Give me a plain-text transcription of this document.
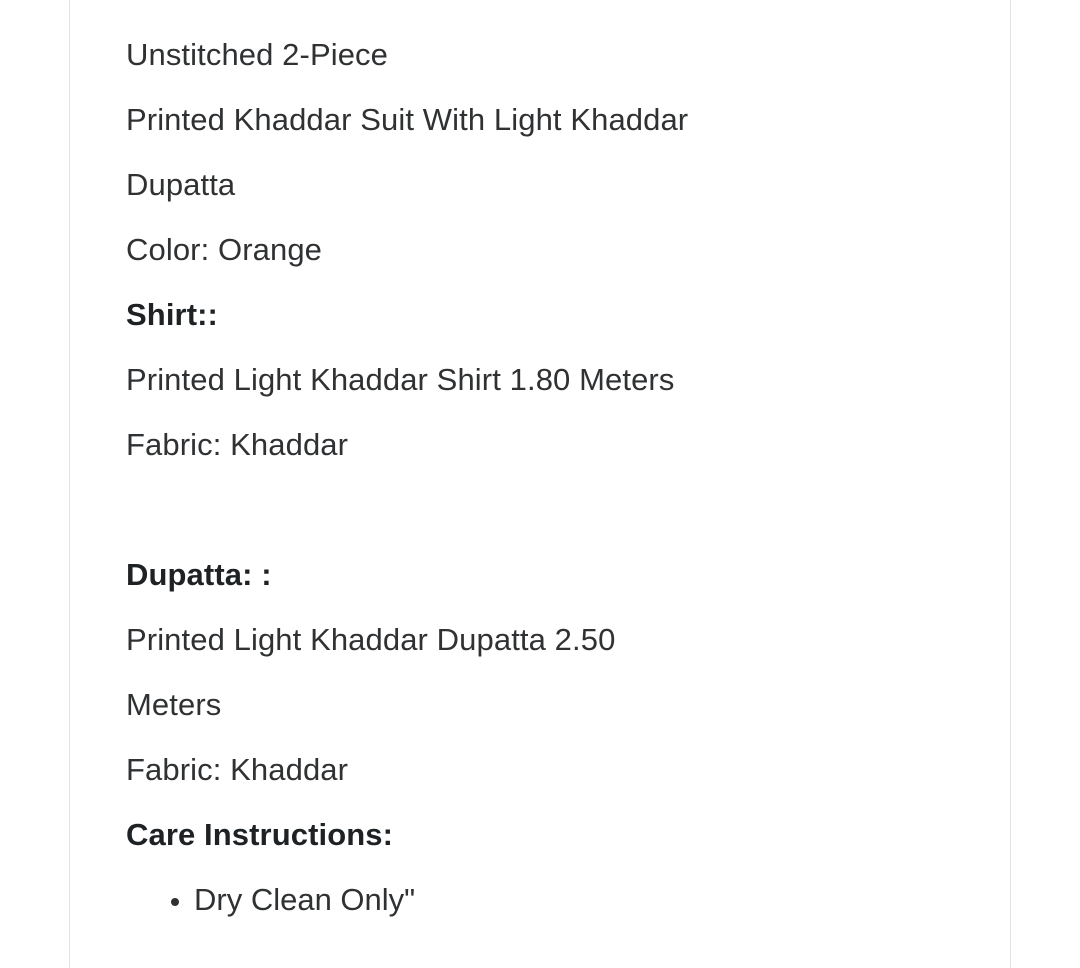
Unstitched 2-Piece
Printed Khaddar Suit With Light Khaddar
Dupatta
Color: Orange
Shirt::
Printed Light Khaddar Shirt 1.80 Meters
Fabric: Khaddar

Dupatta: :
Printed Light Khaddar Dupatta 2.50
Meters
Fabric: Khaddar
Care Instructions:
• Dry Clean Only"
